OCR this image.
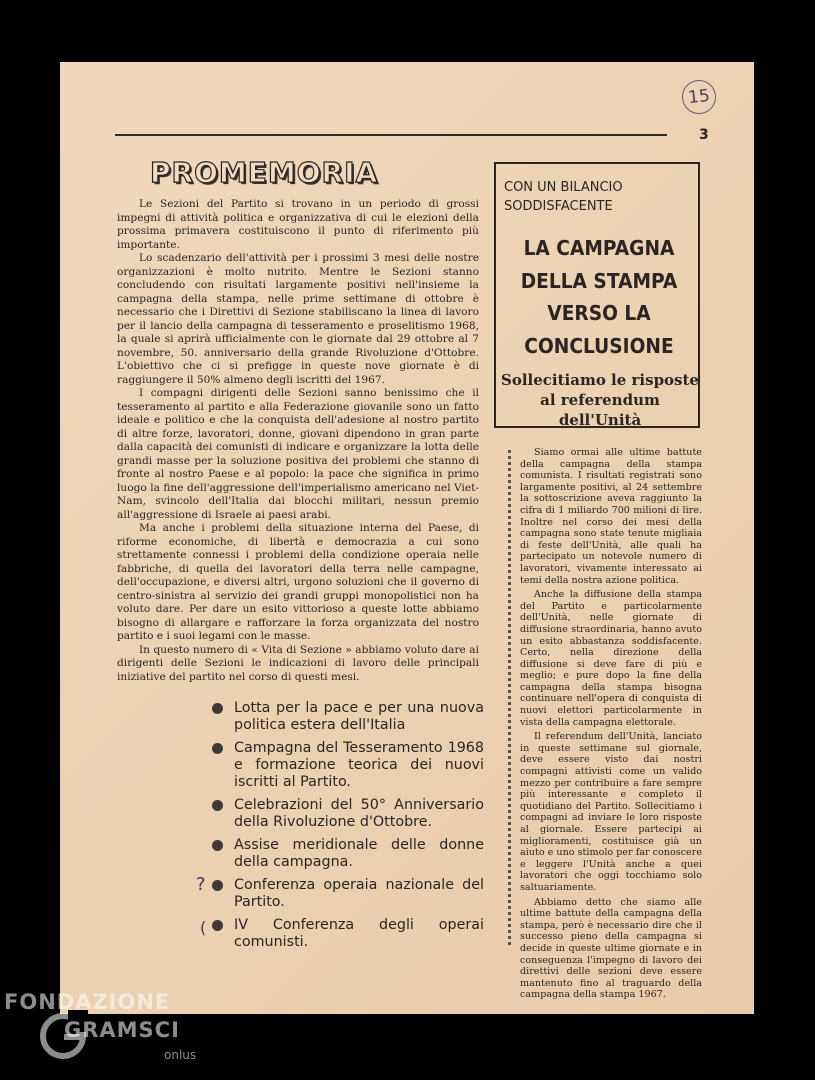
15
3
PROMEMORIA

Le Sezioni del Partito si trovano in un periodo di grossi impegni di attività politica e organizzativa di cui le elezioni della prossima primavera costituiscono il punto di riferimento più importante.

Lo scadenzario dell'attività per i prossimi 3 mesi delle nostre organizzazioni è molto nutrito. Mentre le Sezioni stanno concludendo con risultati largamente positivi nell'insieme la campagna della stampa, nelle prime settimane di ottobre è necessario che i Direttivi di Sezione stabiliscano la linea di lavoro per il lancio della campagna di tesseramento e proselitismo 1968, la quale si aprirà ufficialmente con le giornate dal 29 ottobre al 7 novembre, 50. anniversario della grande Rivoluzione d'Ottobre. L'obiettivo che ci si prefigge in queste nove giornate è di raggiungere il 50% almeno degli iscritti del 1967.

I compagni dirigenti delle Sezioni sanno benissimo che il tesseramento al partito e alla Federazione giovanile sono un fatto ideale e politico e che la conquista dell'adesione al nostro partito di altre forze, lavoratori, donne, giovani dipendono in gran parte dalla capacità dei comunisti di indicare e organizzare la lotta delle grandi masse per la soluzione positiva dei problemi che stanno di fronte al nostro Paese e al popolo: la pace che significa in primo luogo la fine dell'aggressione dell'imperialismo americano nel Viet-Nam, svincolo dell'Italia dai blocchi militari, nessun premio all'aggressione di Israele ai paesi arabi.

Ma anche i problemi della situazione interna del Paese, di riforme economiche, di libertà e democrazia a cui sono strettamente connessi i problemi della condizione operaia nelle fabbriche, di quella dei lavoratori della terra nelle campagne, dell'occupazione, e diversi altri, urgono soluzioni che il governo di centro-sinistra al servizio dei grandi gruppi monopolistici non ha voluto dare. Per dare un esito vittorioso a queste lotte abbiamo bisogno di allargare e rafforzare la forza organizzata del nostro partito e i suoi legami con le masse.

In questo numero di « Vita di Sezione » abbiamo voluto dare ai dirigenti delle Sezioni le indicazioni di lavoro delle principali iniziative del partito nel corso di questi mesi.

Lotta per la pace e per una nuova politica estera dell'Italia
Campagna del Tesseramento 1968 e formazione teorica dei nuovi iscritti al Partito.
Celebrazioni del 50° Anniversario della Rivoluzione d'Ottobre.
Assise meridionale delle donne della campagna.
Conferenza operaia nazionale del Partito.
IV Conferenza degli operai comunisti.
?
(
CON UN BILANCIO
SODDISFACENTE
LA CAMPAGNA
DELLA STAMPA
VERSO LA
CONCLUSIONE
Sollecitiamo le risposte al referendum dell'Unità

Siamo ormai alle ultime battute della campagna della stampa comunista. I risultati registrati sono largamente positivi, al 24 settembre la sottoscrizione aveva raggiunto la cifra di 1 miliardo 700 milioni di lire. Inoltre nel corso dei mesi della campagna sono state tenute migliaia di feste dell'Unità, alle quali ha partecipato un notevole numero di lavoratori, vivamente interessato ai temi della nostra azione politica.

Anche la diffusione della stampa del Partito e particolarmente dell'Unità, nelle giornate di diffusione straordinaria, hanno avuto un esito abbastanza soddisfacente. Certo, nella direzione della diffusione si deve fare di più e meglio; e pure dopo la fine della campagna della stampa bisogna continuare nell'opera di conquista di nuovi elettori particolarmente in vista della campagna elettorale.

Il referendum dell'Unità, lanciato in queste settimane sul giornale, deve essere visto dai nostri compagni attivisti come un valido mezzo per contribuire a fare sempre più interessante e completo il quotidiano del Partito. Sollecitiamo i compagni ad inviare le loro risposte al giornale. Essere partecipi ai miglioramenti, costituisce già un aiuto e uno stimolo per far conoscere e leggere l'Unità anche a quei lavoratori che oggi tocchiamo solo saltuariamente.

Abbiamo detto che siamo alle ultime battute della campagna della stampa, però è necessario dire che il successo pieno della campagna si decide in queste ultime giornate e in conseguenza l'impegno di lavoro dei direttivi delle sezioni deve essere mantenuto fino al traguardo della campagna della stampa 1967.

FONDAZIONE
GRAMSCI
onlus
